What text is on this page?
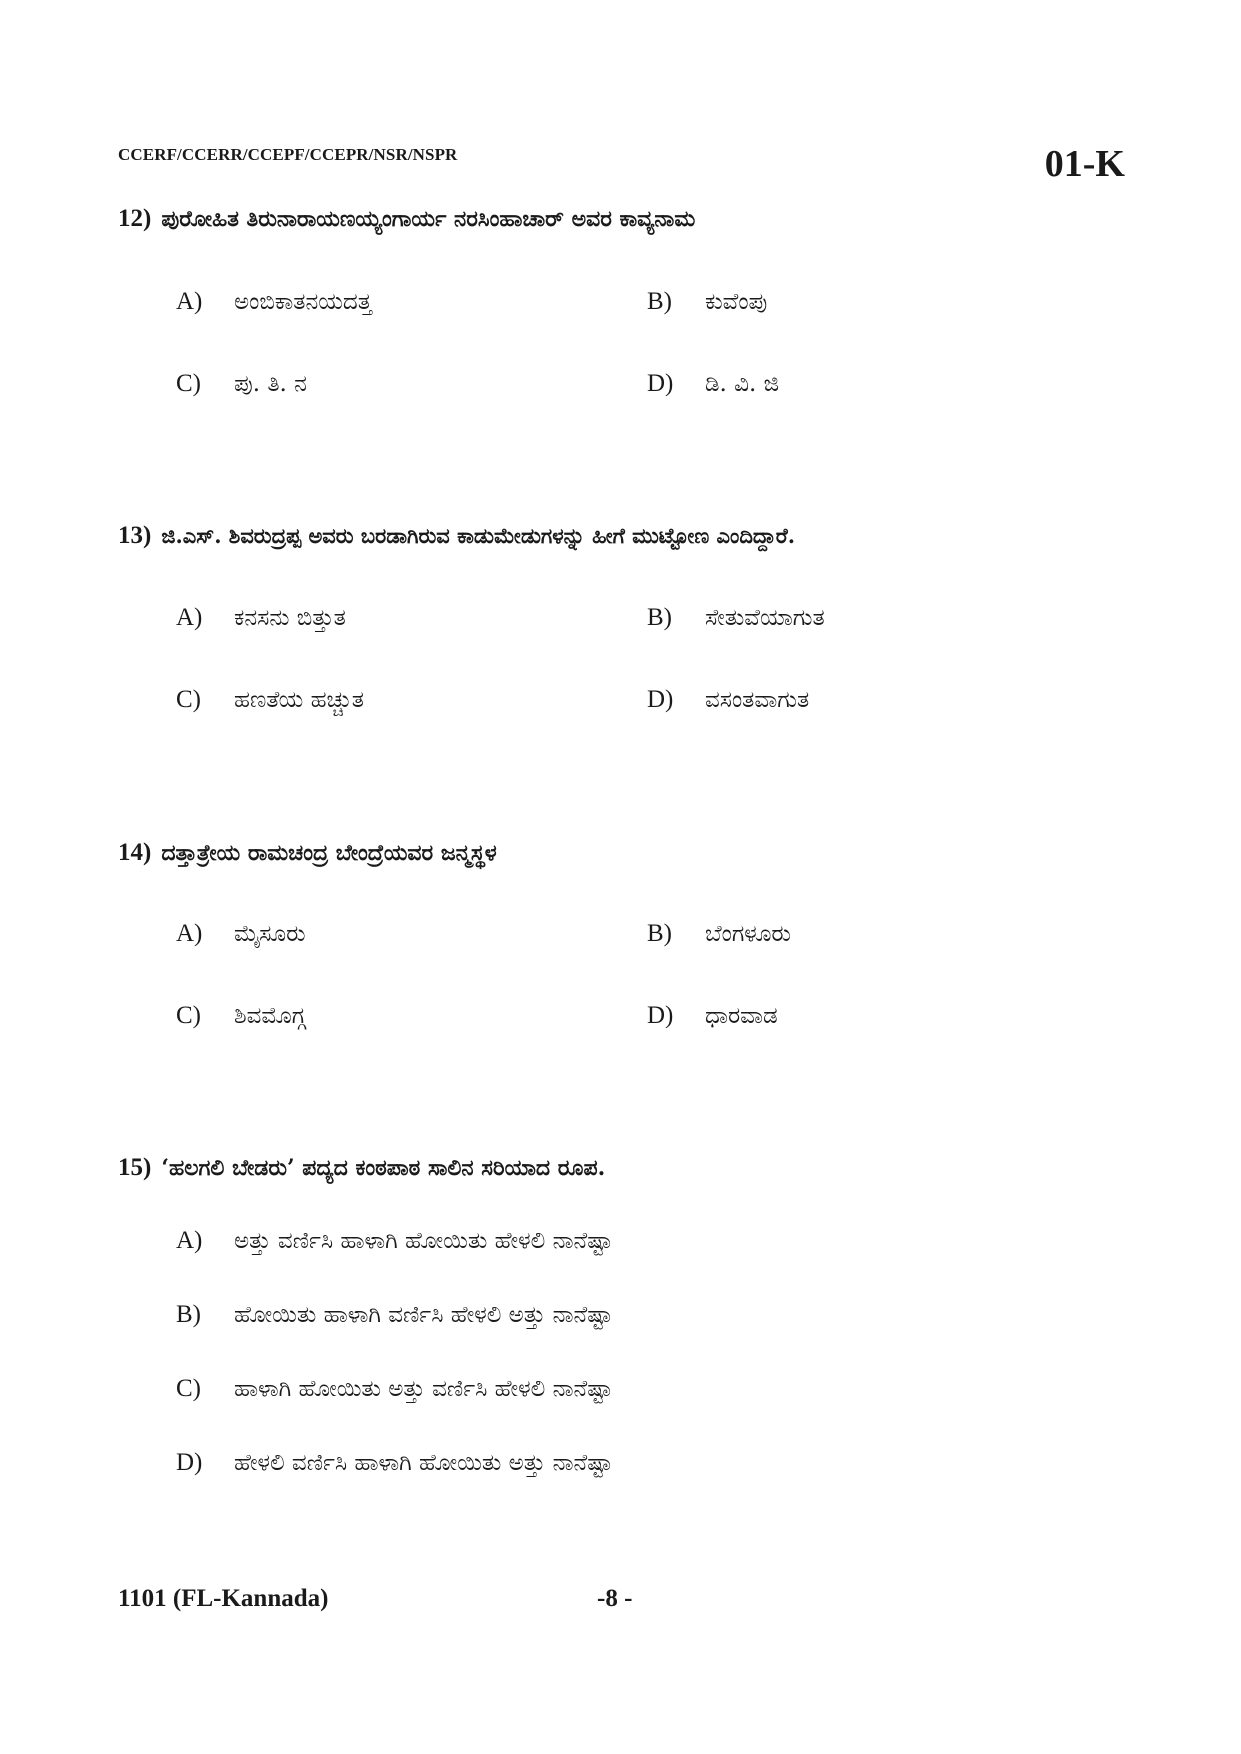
CCERF/CCERR/CCEPF/CCEPR/NSR/NSPR	01-K
12) ಪುರೋಹಿತ ತಿರುನಾರಾಯಣಯ್ಯಂಗಾರ್ಯ ನರಸಿಂಹಾಚಾರ್ ಅವರ ಕಾವ್ಯನಾಮ
A) ಅಂಬಿಕಾತನಯದತ್ತ	B) ಕುವೆಂಪು
C) ಪು. ತಿ. ನ	D) ಡಿ. ವಿ. ಜಿ
13) ಜಿ.ಎಸ್. ಶಿವರುದ್ರಪ್ಪ ಅವರು ಬರಡಾಗಿರುವ ಕಾಡುಮೇಡುಗಳನ್ನು ಹೀಗೆ ಮುಟ್ಟೋಣ ಎಂದಿದ್ದಾರೆ.
A) ಕನಸನು ಬಿತ್ತುತ	B) ಸೇತುವೆಯಾಗುತ
C) ಹಣತೆಯ ಹಚ್ಚುತ	D) ವಸಂತವಾಗುತ
14) ದತ್ತಾತ್ರೇಯ ರಾಮಚಂದ್ರ ಬೇಂದ್ರೆಯವರ ಜನ್ಮಸ್ಥಳ
A) ಮೈಸೂರು	B) ಬೆಂಗಳೂರು
C) ಶಿವಮೊಗ್ಗ	D) ಧಾರವಾಡ
15) ‘ಹಲಗಲಿ ಬೇಡರು’ ಪದ್ಯದ ಕಂಠಪಾಠ ಸಾಲಿನ ಸರಿಯಾದ ರೂಪ.
A) ಅತ್ತು ವರ್ಣಿಸಿ ಹಾಳಾಗಿ ಹೋಯಿತು ಹೇಳಲಿ ನಾನೆಷ್ಟಾ
B) ಹೋಯಿತು ಹಾಳಾಗಿ ವರ್ಣಿಸಿ ಹೇಳಲಿ ಅತ್ತು ನಾನೆಷ್ಟಾ
C) ಹಾಳಾಗಿ ಹೋಯಿತು ಅತ್ತು ವರ್ಣಿಸಿ ಹೇಳಲಿ ನಾನೆಷ್ಟಾ
D) ಹೇಳಲಿ ವರ್ಣಿಸಿ ಹಾಳಾಗಿ ಹೋಯಿತು ಅತ್ತು ನಾನೆಷ್ಟಾ
1101 (FL-Kannada)	-8 -
